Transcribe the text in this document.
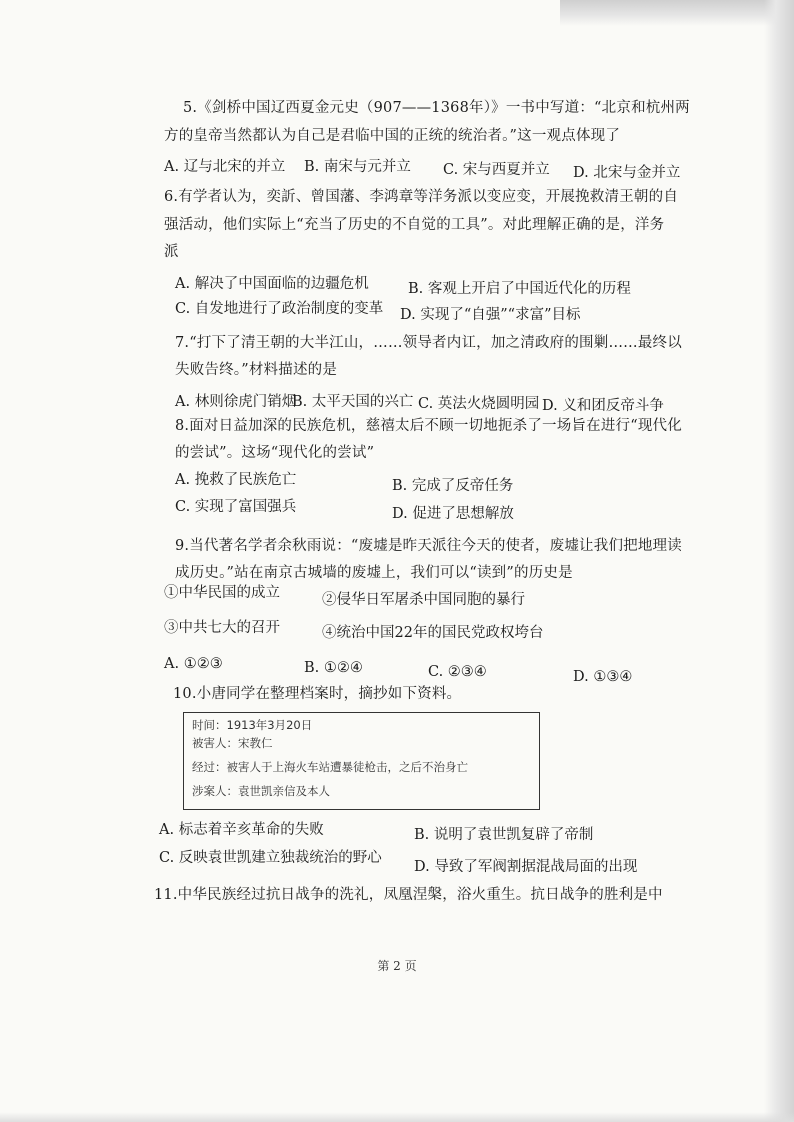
5.《剑桥中国辽西夏金元史（907——1368年）》一书中写道：“北京和杭州两
方的皇帝当然都认为自己是君临中国的正统的统治者。”这一观点体现了
A. 辽与北宋的并立 B. 南宋与元并立 C. 宋与西夏并立 D. 北宋与金并立
6.有学者认为，奕訢、曾国藩、李鸿章等洋务派以变应变，开展挽救清王朝的自
强活动，他们实际上“充当了历史的不自觉的工具”。对此理解正确的是，洋务
派
A. 解决了中国面临的边疆危机	B. 客观上开启了中国近代化的历程
C. 自发地进行了政治制度的变革 D. 实现了“自强”“求富”目标
7.“打下了清王朝的大半江山，……领导者内讧，加之清政府的围剿……最终以
失败告终。”材料描述的是
A. 林则徐虎门销烟
B. 太平天国的兴亡 C. 英法火烧圆明园 D. 义和团反帝斗争
8.面对日益加深的民族危机，慈禧太后不顾一切地扼杀了一场旨在进行“现代化
的尝试”。这场“现代化的尝试”
A. 挽救了民族危亡	B. 完成了反帝任务
C. 实现了富国强兵	D. 促进了思想解放
9.当代著名学者余秋雨说：“废墟是昨天派往今天的使者，废墟让我们把地理读
成历史。”站在南京古城墙的废墟上，我们可以“读到”的历史是
①中华民国的成立	②侵华日军屠杀中国同胞的暴行
③中共七大的召开	④统治中国22年的国民党政权垮台
A. ①②③	B. ①②④	C. ②③④	D. ①③④
10.小唐同学在整理档案时，摘抄如下资料。
时间：1913年3月20日
被害人：宋教仁
经过：被害人于上海火车站遭暴徒枪击，之后不治身亡
涉案人：袁世凯亲信及本人
A. 标志着辛亥革命的失败	B. 说明了袁世凯复辟了帝制
C. 反映袁世凯建立独裁统治的野心
D. 导致了军阀割据混战局面的出现
11.中华民族经过抗日战争的洗礼，凤凰涅槃，浴火重生。抗日战争的胜利是中
第 2 页
